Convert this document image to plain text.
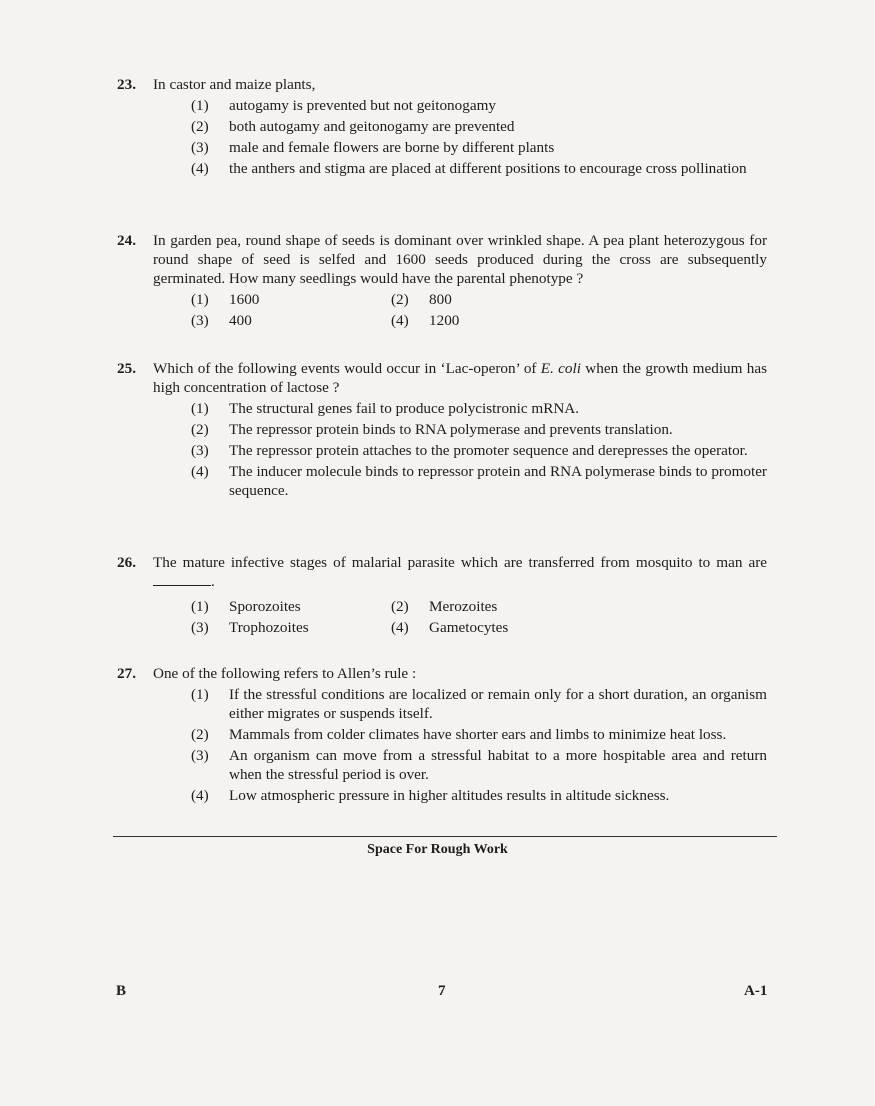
23. In castor and maize plants,
(1) autogamy is prevented but not geitonogamy
(2) both autogamy and geitonogamy are prevented
(3) male and female flowers are borne by different plants
(4) the anthers and stigma are placed at different positions to encourage cross pollination
24. In garden pea, round shape of seeds is dominant over wrinkled shape. A pea plant heterozygous for round shape of seed is selfed and 1600 seeds produced during the cross are subsequently germinated. How many seedlings would have the parental phenotype ?
(1) 1600	(2) 800
(3) 400	(4) 1200
25. Which of the following events would occur in ‘Lac-operon’ of E. coli when the growth medium has high concentration of lactose ?
(1) The structural genes fail to produce polycistronic mRNA.
(2) The repressor protein binds to RNA polymerase and prevents translation.
(3) The repressor protein attaches to the promoter sequence and derepresses the operator.
(4) The inducer molecule binds to repressor protein and RNA polymerase binds to promoter sequence.
26. The mature infective stages of malarial parasite which are transferred from mosquito to man are .
(1) Sporozoites	(2) Merozoites
(3) Trophozoites	(4) Gametocytes
27. One of the following refers to Allen’s rule :
(1) If the stressful conditions are localized or remain only for a short duration, an organism either migrates or suspends itself.
(2) Mammals from colder climates have shorter ears and limbs to minimize heat loss.
(3) An organism can move from a stressful habitat to a more hospitable area and return when the stressful period is over.
(4) Low atmospheric pressure in higher altitudes results in altitude sickness.
Space For Rough Work
B	7	A-1
